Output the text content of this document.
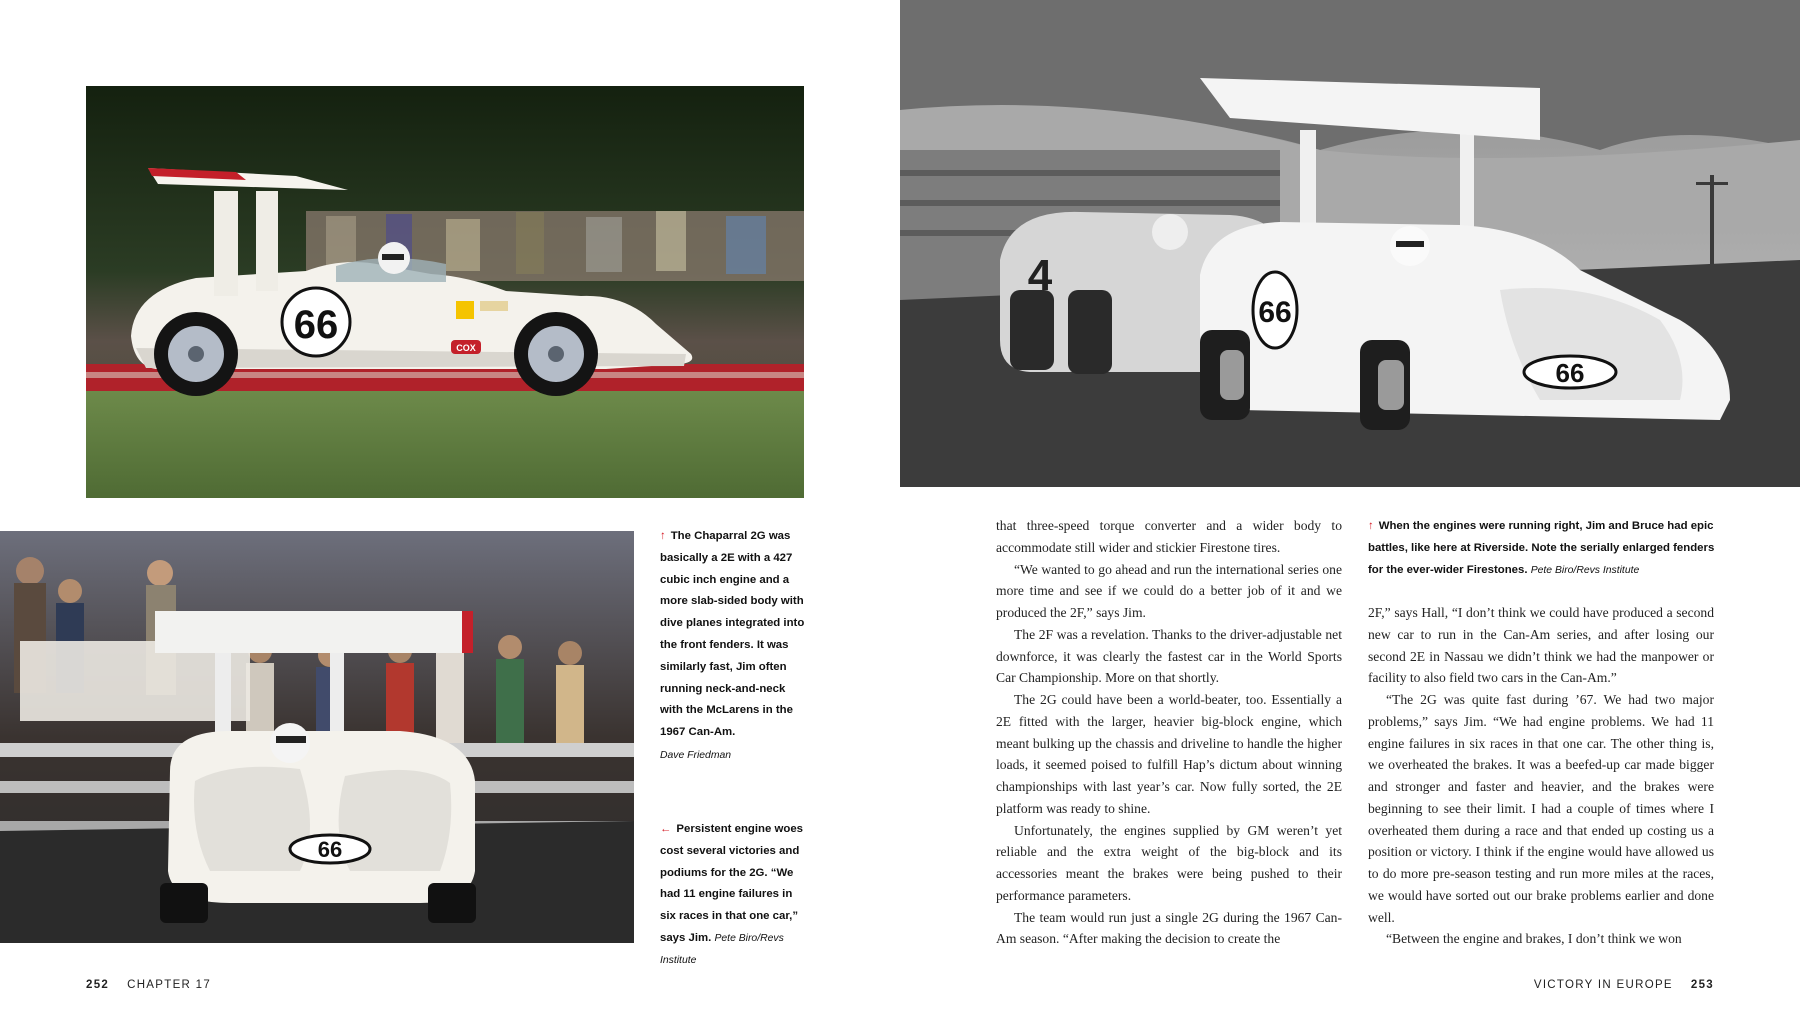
66
COX
66
4
66
66
↑ The Chaparral 2G was basically a 2E with a 427 cubic inch engine and a more slab-sided body with dive planes integrated into the front fenders. It was similarly fast, Jim often running neck-and-neck with the McLarens in the 1967 Can-Am.
Dave Friedman
← Persistent engine woes cost several victories and podiums for the 2G. “We had 11 engine failures in six races in that one car,” says Jim. Pete Biro/Revs Institute
↑ When the engines were running right, Jim and Bruce had epic battles, like here at Riverside. Note the serially enlarged fenders for the ever-wider Firestones. Pete Biro/Revs Institute

that three-speed torque converter and a wider body to accommodate still wider and stickier Firestone tires.

“We wanted to go ahead and run the international series one more time and see if we could do a better job of it and we produced the 2F,” says Jim.

The 2F was a revelation. Thanks to the driver-adjustable net downforce, it was clearly the fastest car in the World Sports Car Championship. More on that shortly.

The 2G could have been a world-beater, too. Essentially a 2E fitted with the larger, heavier big-block engine, which meant bulking up the chassis and driveline to handle the higher loads, it seemed poised to fulfill Hap’s dictum about winning championships with last year’s car. Now fully sorted, the 2E platform was ready to shine.

Unfortunately, the engines supplied by GM weren’t yet reliable and the extra weight of the big-block and its accessories meant the brakes were being pushed to their performance parameters.

The team would run just a single 2G during the 1967 Can-Am season. “After making the decision to create the

2F,” says Hall, “I don’t think we could have produced a second new car to run in the Can-Am series, and after losing our second 2E in Nassau we didn’t think we had the manpower or facility to also field two cars in the Can-Am.”

“The 2G was quite fast during ’67. We had two major problems,” says Jim. “We had engine problems. We had 11 engine failures in six races in that one car. The other thing is, we overheated the brakes. It was a beefed-up car made bigger and stronger and faster and heavier, and the brakes were beginning to see their limit. I had a couple of times where I overheated them during a race and that ended up costing us a position or victory. I think if the engine would have allowed us to do more pre-season testing and run more miles at the races, we would have sorted out our brake problems earlier and done well.

“Between the engine and brakes, I don’t think we won

252 CHAPTER 17	VICTORY IN EUROPE 253
